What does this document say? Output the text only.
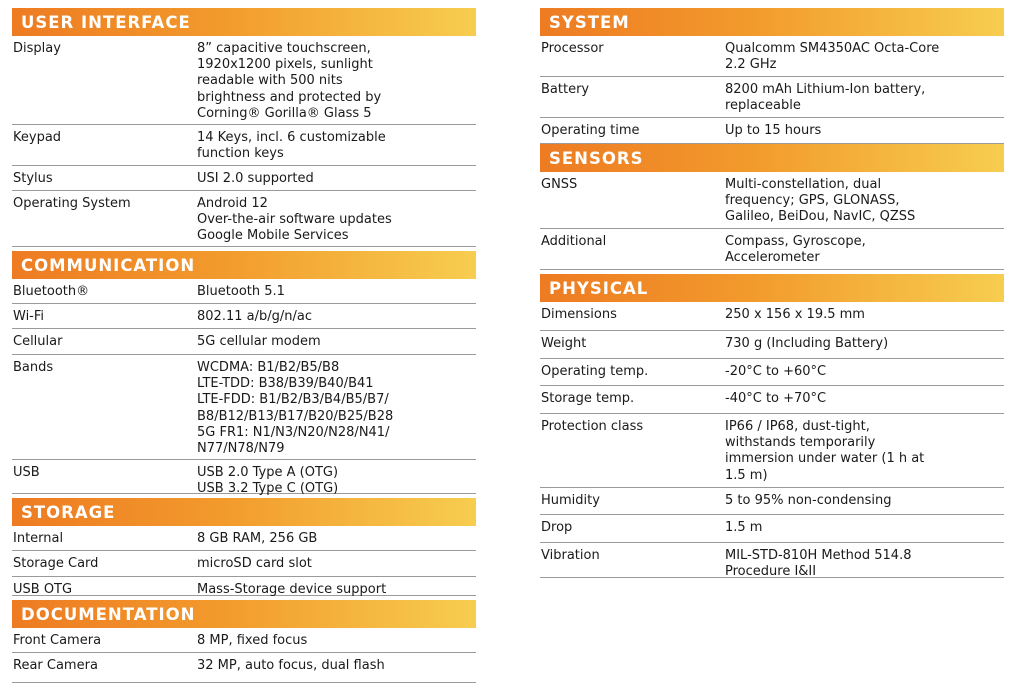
USER INTERFACE
Display	8” capacitive touchscreen,
1920x1200 pixels, sunlight
readable with 500 nits
brightness and protected by
Corning® Gorilla® Glass 5
Keypad	14 Keys, incl. 6 customizable
function keys
Stylus	USI 2.0 supported
Operating System	Android 12
Over-the-air software updates
Google Mobile Services
COMMUNICATION
Bluetooth®	Bluetooth 5.1
Wi-Fi	802.11 a/b/g/n/ac
Cellular	5G cellular modem
Bands	WCDMA: B1/B2/B5/B8
LTE-TDD: B38/B39/B40/B41
LTE-FDD: B1/B2/B3/B4/B5/B7/
B8/B12/B13/B17/B20/B25/B28
5G FR1: N1/N3/N20/N28/N41/
N77/N78/N79
USB	USB 2.0 Type A (OTG)
USB 3.2 Type C (OTG)
STORAGE
Internal	8 GB RAM, 256 GB
Storage Card	microSD card slot
USB OTG	Mass-Storage device support
DOCUMENTATION
Front Camera	8 MP, fixed focus
Rear Camera	32 MP, auto focus, dual flash
SYSTEM
Processor	Qualcomm SM4350AC Octa-Core
2.2 GHz
Battery	8200 mAh Lithium-Ion battery,
replaceable
Operating time	Up to 15 hours
SENSORS
GNSS	Multi-constellation, dual
frequency; GPS, GLONASS,
Galileo, BeiDou, NavIC, QZSS
Additional	Compass, Gyroscope,
Accelerometer
PHYSICAL
Dimensions	250 x 156 x 19.5 mm
Weight	730 g (Including Battery)
Operating temp.	-20°C to +60°C
Storage temp.	-40°C to +70°C
Protection class	IP66 / IP68, dust-tight,
withstands temporarily
immersion under water (1 h at
1.5 m)
Humidity	5 to 95% non-condensing
Drop	1.5 m
Vibration	MIL-STD-810H Method 514.8
Procedure I&II
